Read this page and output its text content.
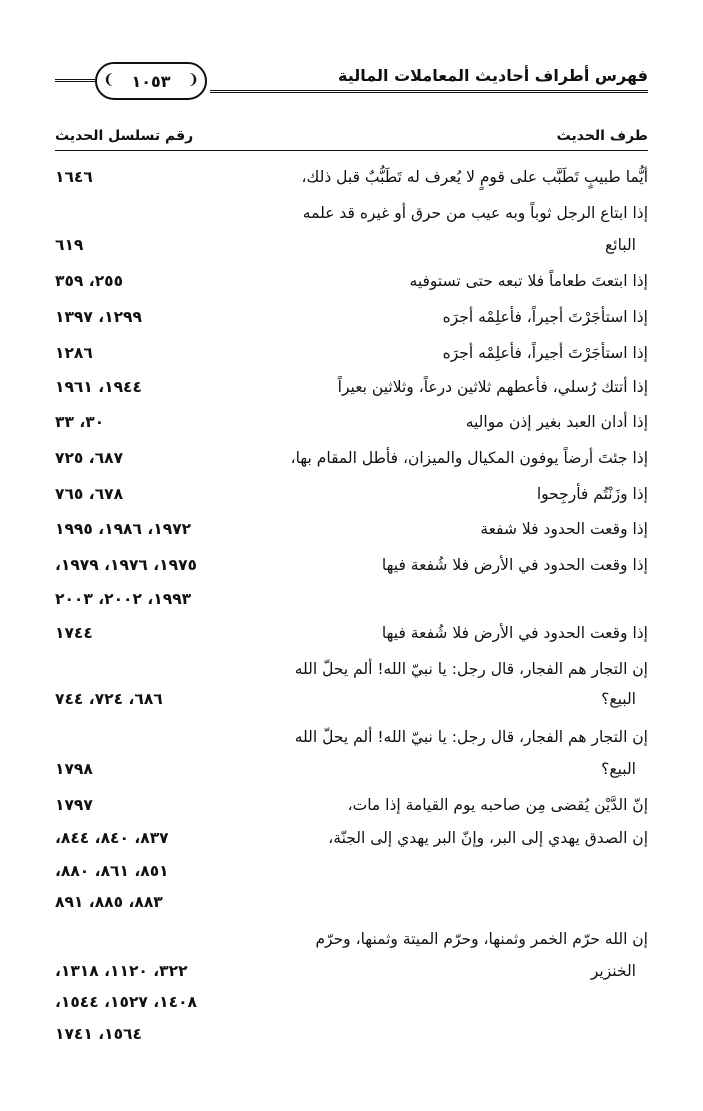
❨ ١٠٥٣ ❩	فهرس أطراف أحاديث المعاملات المالية
طرف الحديث
رقم تسلسل الحديث
أيُّما طبيبٍ تَطَبَّب على قومٍ لا يُعرف له تَطَبُّبٌ قبل ذلك،
١٦٤٦
إذا ابتاع الرجل ثوباً وبه عيب من حرق أو غيره قد علمه
البائع
٦١٩
إذا ابتعتَ طعاماً فلا تبعه حتى تستوفيه
٢٥٥، ٣٥٩
إذا استأجَرْتَ أجيراً، فأعلِمْه أجرَه
١٢٩٩، ١٣٩٧
إذا استأجَرْتَ أجيراً، فأعلِمْه أجرَه
١٢٨٦
إذا أتتك رُسلي، فأعطهم ثلاثين درعاً، وثلاثين بعيراً
١٩٤٤، ١٩٦١
إذا أدان العبد بغير إذن مواليه
٣٠، ٣٣
إذا جئتَ أرضاً يوفون المكيال والميزان، فأطل المقام بها،
٦٨٧، ٧٢٥
إذا وزَنْتُم فأرجِحوا
٦٧٨، ٧٦٥
إذا وقعت الحدود فلا شفعة
١٩٧٢، ١٩٨٦، ١٩٩٥
إذا وقعت الحدود في الأرض فلا شُفعة فيها
١٩٧٥، ١٩٧٦، ١٩٧٩،
١٩٩٣، ٢٠٠٢، ٢٠٠٣
إذا وقعت الحدود في الأرض فلا شُفعة فيها
١٧٤٤
إن التجار هم الفجار، قال رجل: يا نبيّ الله! ألم يحلّ الله
البيع؟
٦٨٦، ٧٢٤، ٧٤٤
إن التجار هم الفجار، قال رجل: يا نبيّ الله! ألم يحلّ الله
البيع؟
١٧٩٨
إنّ الدَّيْن يُقضى مِن صاحبه يوم القيامة إذا مات،
١٧٩٧
إن الصدق يهدي إلى البر، وإنّ البر يهدي إلى الجنّة،
٨٣٧، ٨٤٠، ٨٤٤،
٨٥١، ٨٦١، ٨٨٠،
٨٨٣، ٨٨٥، ٨٩١
إن الله حرّم الخمر وثمنها، وحرّم الميتة وثمنها، وحرّم
الخنزير
٣٢٢، ١١٢٠، ١٣١٨،
١٤٠٨، ١٥٢٧، ١٥٤٤،
١٥٦٤، ١٧٤١
